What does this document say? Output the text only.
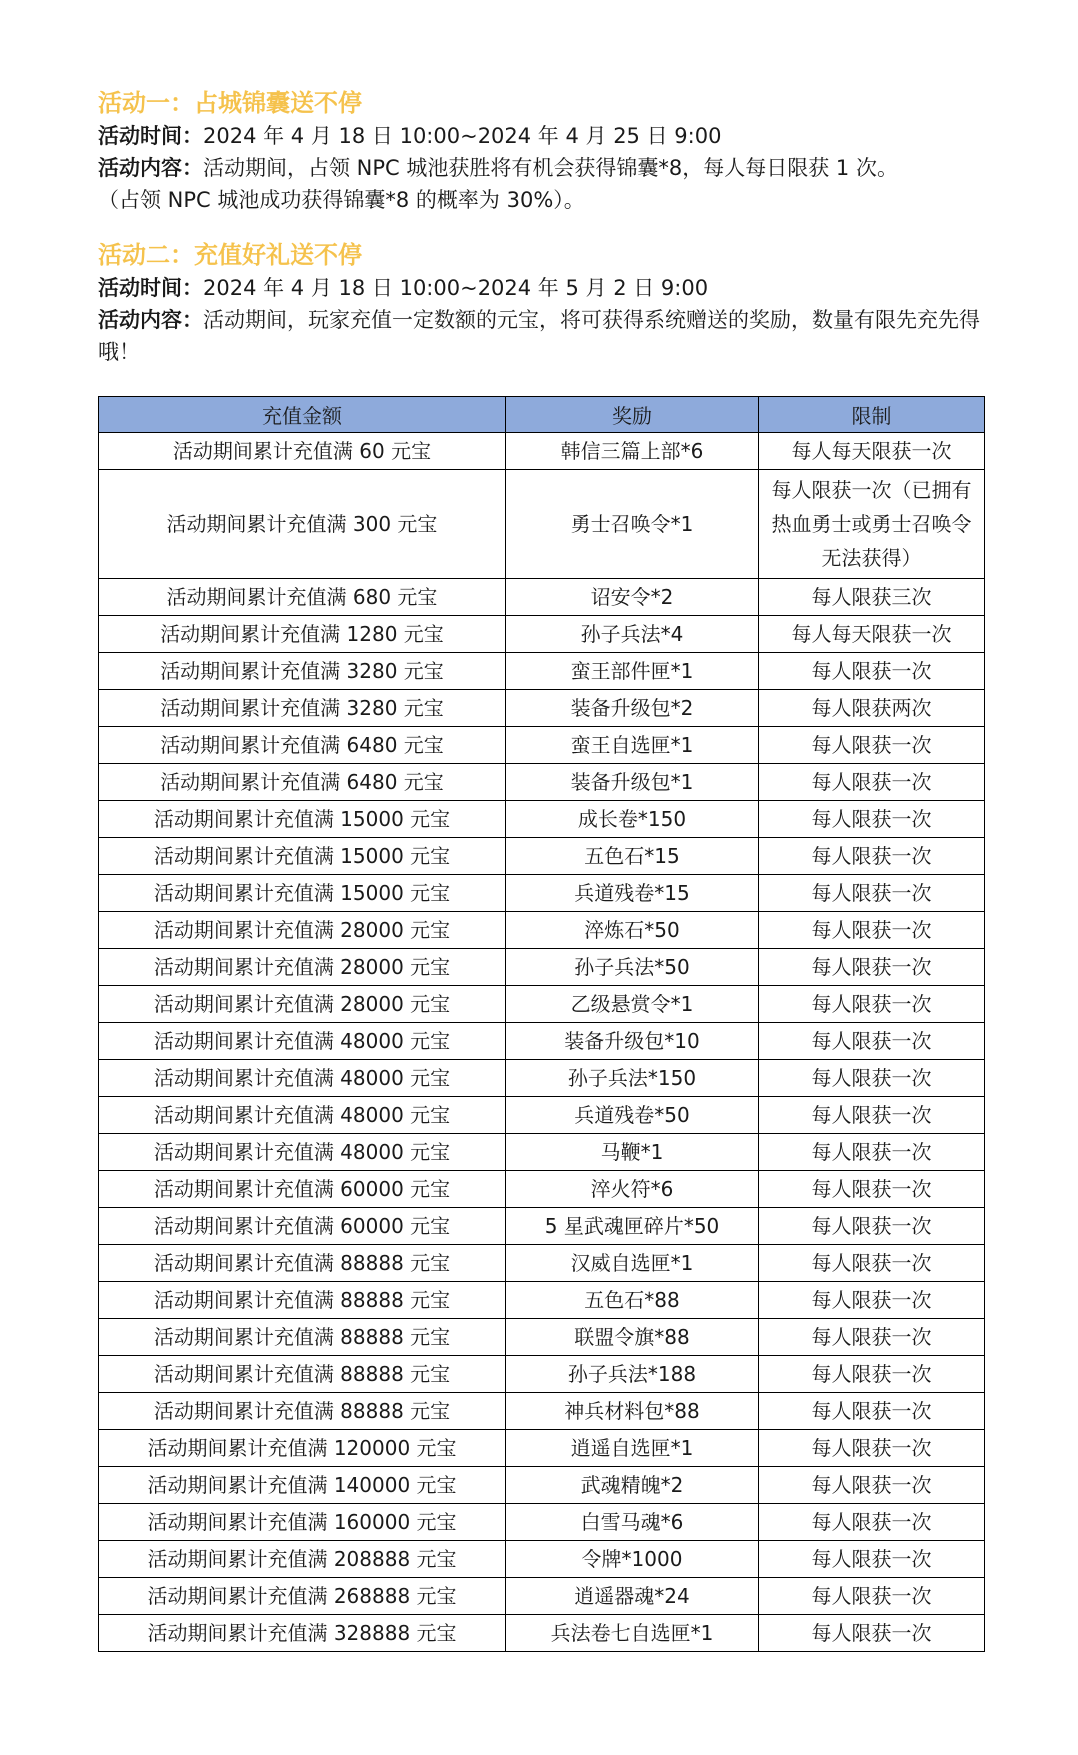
活动一：占城锦囊送不停

活动时间：2024 年 4 月 18 日 10:00~2024 年 4 月 25 日 9:00

活动内容：活动期间，占领 NPC 城池获胜将有机会获得锦囊*8，每人每日限获 1 次。

（占领 NPC 城池成功获得锦囊*8 的概率为 30%）。

活动二：充值好礼送不停

活动时间：2024 年 4 月 18 日 10:00~2024 年 5 月 2 日 9:00

活动内容：活动期间，玩家充值一定数额的元宝，将可获得系统赠送的奖励，数量有限先充先得哦！

充值金额	奖励	限制
活动期间累计充值满 60 元宝	韩信三篇上部*6	每人每天限获一次
活动期间累计充值满 300 元宝	勇士召唤令*1	每人限获一次（已拥有热血勇士或勇士召唤令无法获得）
活动期间累计充值满 680 元宝	诏安令*2	每人限获三次
活动期间累计充值满 1280 元宝	孙子兵法*4	每人每天限获一次
活动期间累计充值满 3280 元宝	蛮王部件匣*1	每人限获一次
活动期间累计充值满 3280 元宝	装备升级包*2	每人限获两次
活动期间累计充值满 6480 元宝	蛮王自选匣*1	每人限获一次
活动期间累计充值满 6480 元宝	装备升级包*1	每人限获一次
活动期间累计充值满 15000 元宝	成长卷*150	每人限获一次
活动期间累计充值满 15000 元宝	五色石*15	每人限获一次
活动期间累计充值满 15000 元宝	兵道残卷*15	每人限获一次
活动期间累计充值满 28000 元宝	淬炼石*50	每人限获一次
活动期间累计充值满 28000 元宝	孙子兵法*50	每人限获一次
活动期间累计充值满 28000 元宝	乙级悬赏令*1	每人限获一次
活动期间累计充值满 48000 元宝	装备升级包*10	每人限获一次
活动期间累计充值满 48000 元宝	孙子兵法*150	每人限获一次
活动期间累计充值满 48000 元宝	兵道残卷*50	每人限获一次
活动期间累计充值满 48000 元宝	马鞭*1	每人限获一次
活动期间累计充值满 60000 元宝	淬火符*6	每人限获一次
活动期间累计充值满 60000 元宝	5 星武魂匣碎片*50	每人限获一次
活动期间累计充值满 88888 元宝	汉威自选匣*1	每人限获一次
活动期间累计充值满 88888 元宝	五色石*88	每人限获一次
活动期间累计充值满 88888 元宝	联盟令旗*88	每人限获一次
活动期间累计充值满 88888 元宝	孙子兵法*188	每人限获一次
活动期间累计充值满 88888 元宝	神兵材料包*88	每人限获一次
活动期间累计充值满 120000 元宝	逍遥自选匣*1	每人限获一次
活动期间累计充值满 140000 元宝	武魂精魄*2	每人限获一次
活动期间累计充值满 160000 元宝	白雪马魂*6	每人限获一次
活动期间累计充值满 208888 元宝	令牌*1000	每人限获一次
活动期间累计充值满 268888 元宝	逍遥器魂*24	每人限获一次
活动期间累计充值满 328888 元宝	兵法卷七自选匣*1	每人限获一次
